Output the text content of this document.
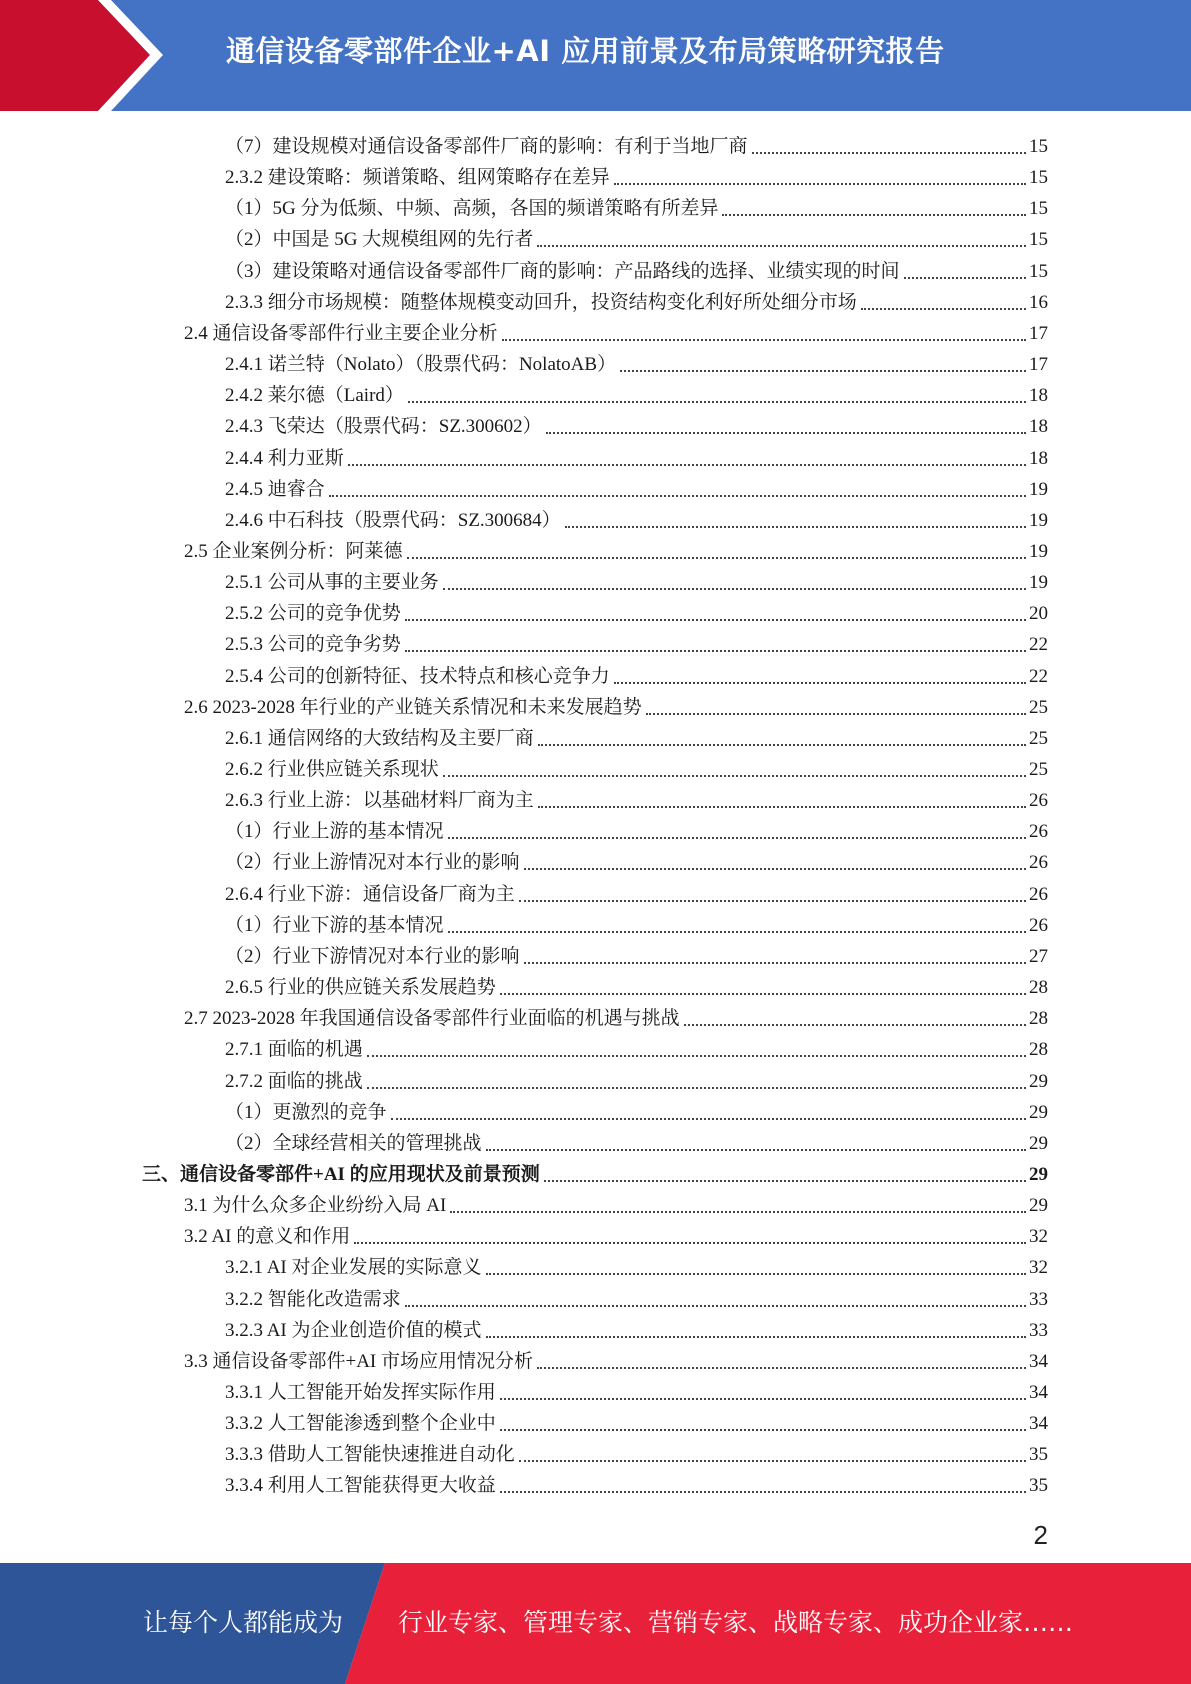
通信设备零部件企业+AI 应用前景及布局策略研究报告
（7）建设规模对通信设备零部件厂商的影响：有利于当地厂商	15
2.3.2 建设策略：频谱策略、组网策略存在差异	15
（1）5G 分为低频、中频、高频，各国的频谱策略有所差异	15
（2）中国是 5G 大规模组网的先行者	15
（3）建设策略对通信设备零部件厂商的影响：产品路线的选择、业绩实现的时间	15
2.3.3 细分市场规模：随整体规模变动回升，投资结构变化利好所处细分市场	16
2.4 通信设备零部件行业主要企业分析	17
2.4.1 诺兰特（Nolato）（股票代码：NolatoAB）	17
2.4.2 莱尔德（Laird）	18
2.4.3 飞荣达（股票代码：SZ.300602）	18
2.4.4 利力亚斯	18
2.4.5 迪睿合	19
2.4.6 中石科技（股票代码：SZ.300684）	19
2.5 企业案例分析：阿莱德	19
2.5.1 公司从事的主要业务	19
2.5.2 公司的竞争优势	20
2.5.3 公司的竞争劣势	22
2.5.4 公司的创新特征、技术特点和核心竞争力	22
2.6 2023-2028 年行业的产业链关系情况和未来发展趋势	25
2.6.1 通信网络的大致结构及主要厂商	25
2.6.2 行业供应链关系现状	25
2.6.3 行业上游：以基础材料厂商为主	26
（1）行业上游的基本情况	26
（2）行业上游情况对本行业的影响	26
2.6.4 行业下游：通信设备厂商为主	26
（1）行业下游的基本情况	26
（2）行业下游情况对本行业的影响	27
2.6.5 行业的供应链关系发展趋势	28
2.7 2023-2028 年我国通信设备零部件行业面临的机遇与挑战	28
2.7.1 面临的机遇	28
2.7.2 面临的挑战	29
（1）更激烈的竞争	29
（2）全球经营相关的管理挑战	29
三、通信设备零部件+AI 的应用现状及前景预测	29
3.1 为什么众多企业纷纷入局 AI	29
3.2 AI 的意义和作用	32
3.2.1 AI 对企业发展的实际意义	32
3.2.2 智能化改造需求	33
3.2.3 AI 为企业创造价值的模式	33
3.3 通信设备零部件+AI 市场应用情况分析	34
3.3.1 人工智能开始发挥实际作用	34
3.3.2 人工智能渗透到整个企业中	34
3.3.3 借助人工智能快速推进自动化	35
3.3.4 利用人工智能获得更大收益	35
2
让每个人都能成为 行业专家、管理专家、营销专家、战略专家、成功企业家……
